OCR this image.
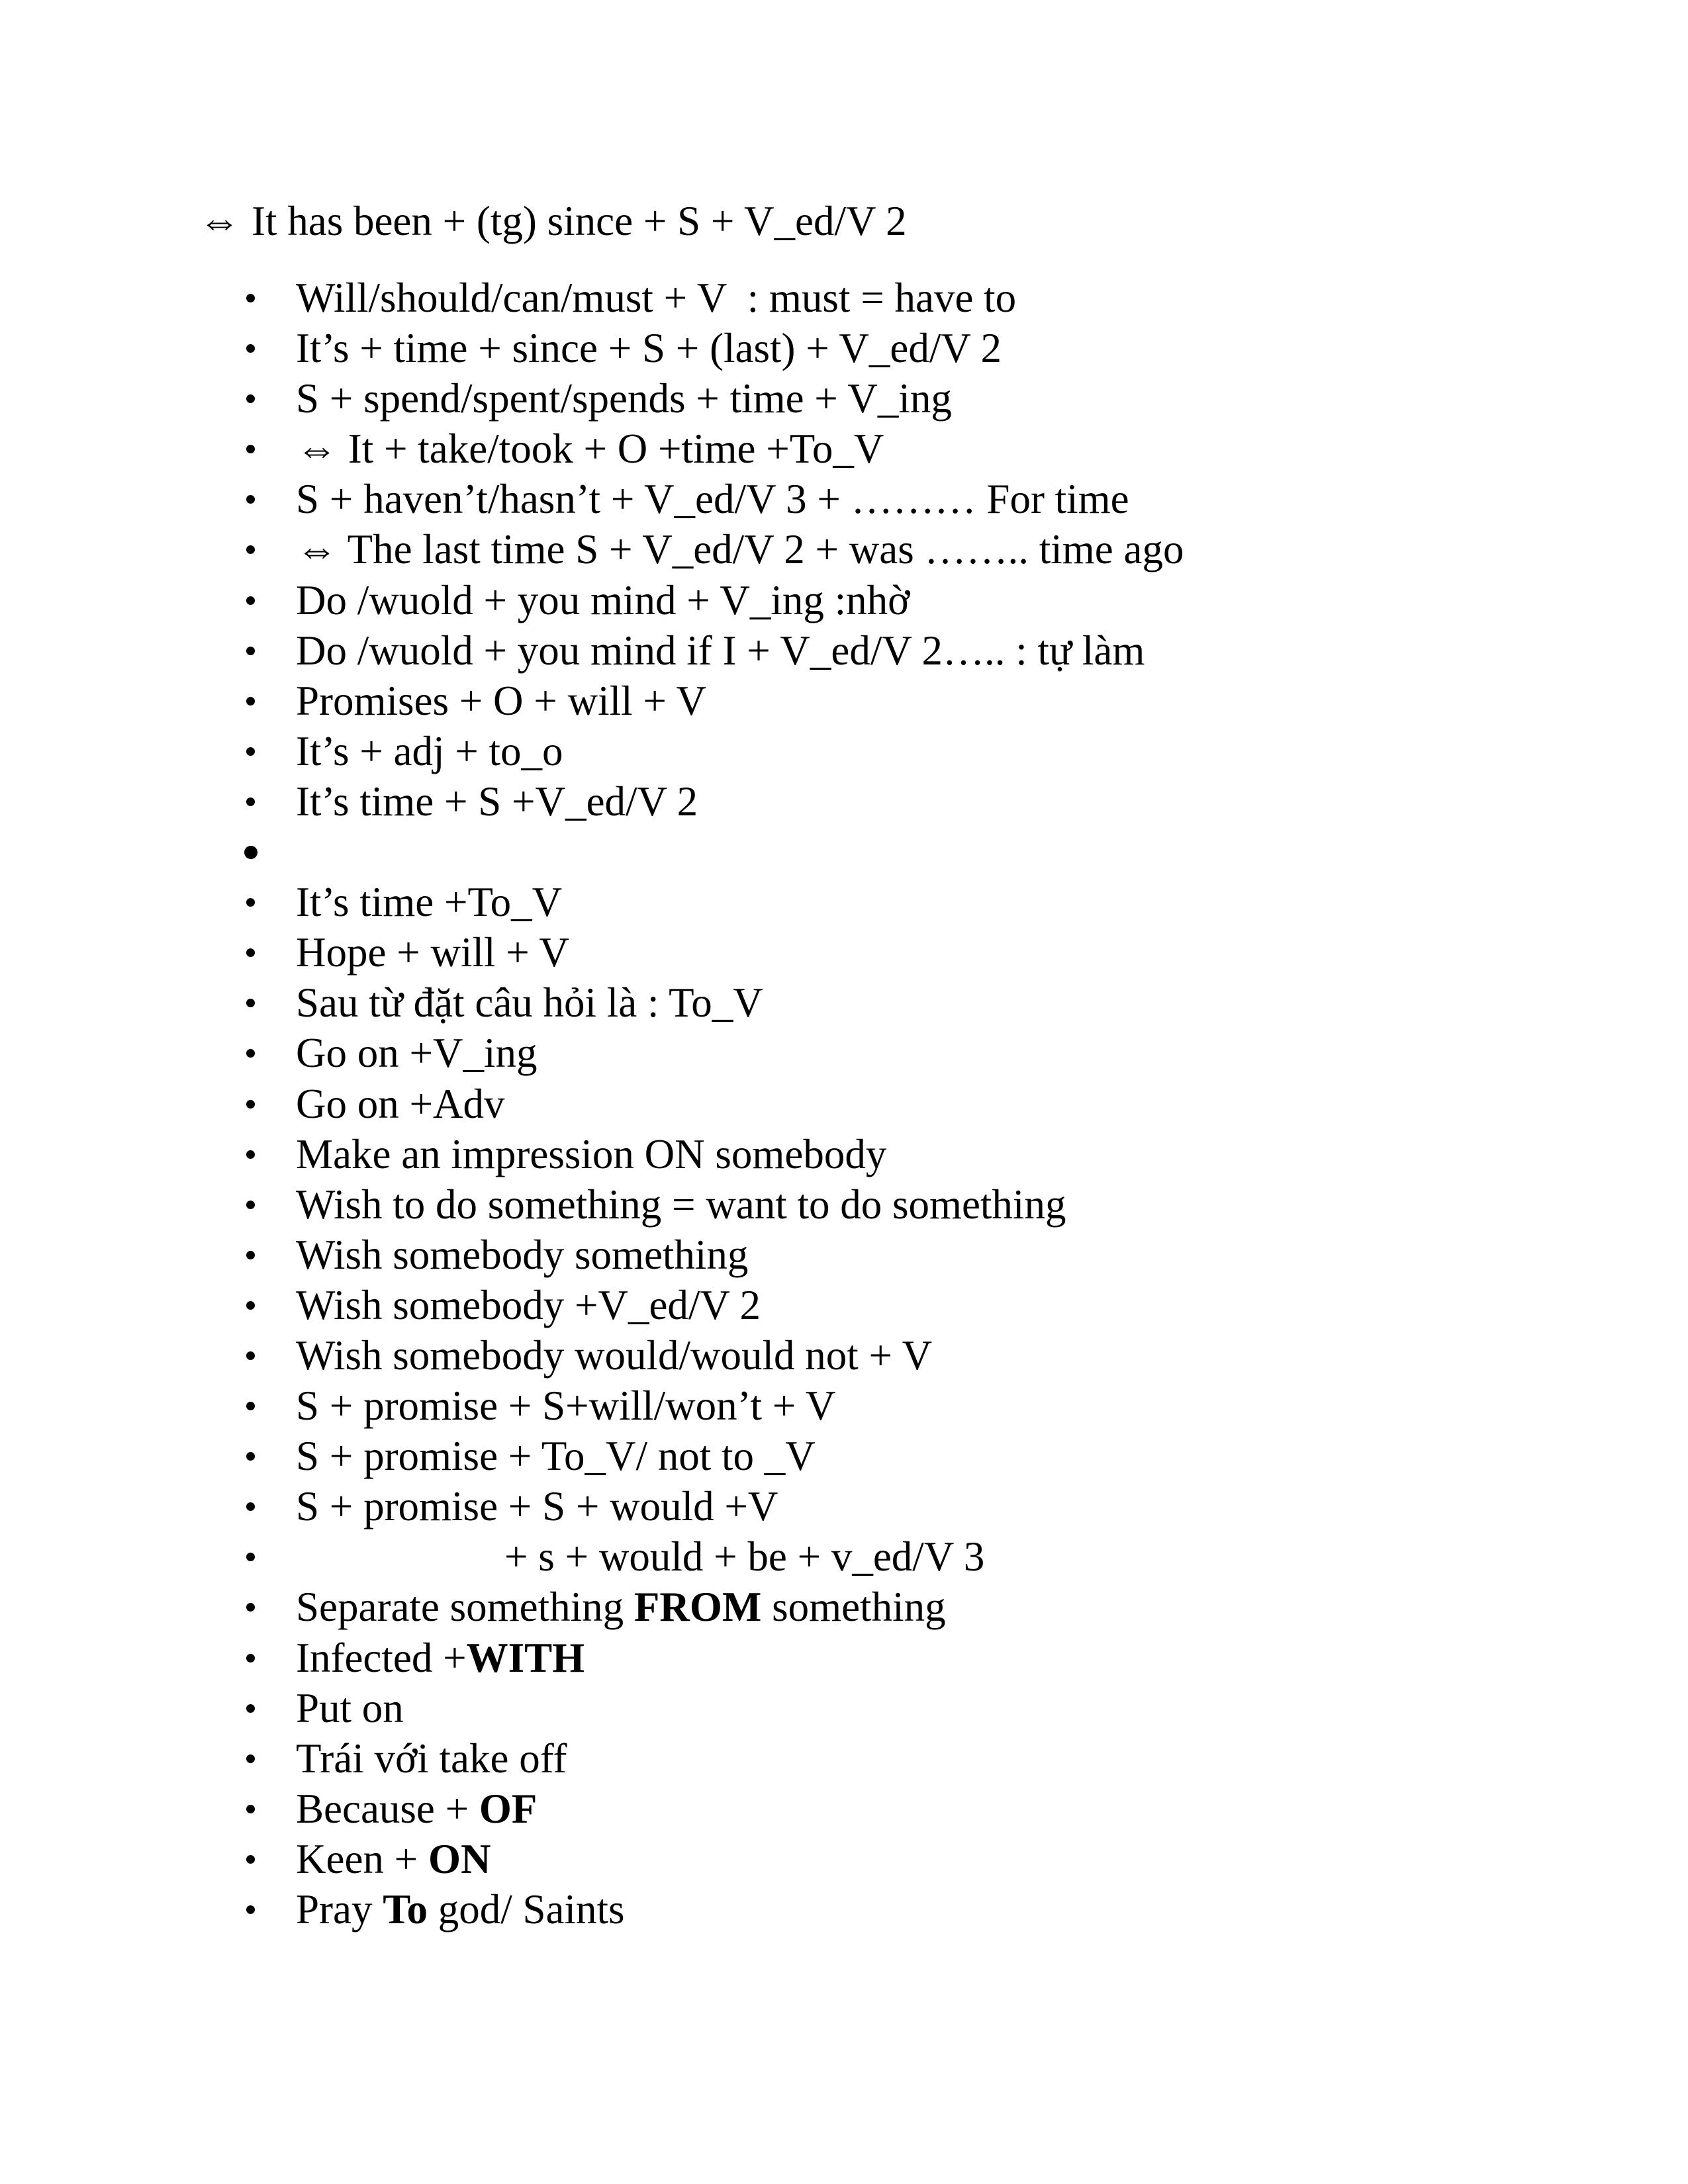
⇔ It has been + (tg) since + S + V_ed/V 2
Will/should/can/must + V  : must = have to
It’s + time + since + S + (last) + V_ed/V 2
S + spend/spent/spends + time + V_ing
⇔ It + take/took + O +time +To_V
S + haven’t/hasn’t + V_ed/V 3 + ……… For time
⇔ The last time S + V_ed/V 2 + was …….. time ago
Do /wuold + you mind + V_ing :nhờ
Do /wuold + you mind if I + V_ed/V 2….. : tự làm
Promises + O + will + V
It’s + adj + to_o
It’s time + S +V_ed/V 2
It’s time +To_V
Hope + will + V
Sau từ đặt câu hỏi là : To_V
Go on +V_ing
Go on +Adv
Make an impression ON somebody
Wish to do something = want to do something
Wish somebody something
Wish somebody +V_ed/V 2
Wish somebody would/would not + V
S + promise + S+will/won’t + V
S + promise + To_V/ not to _V
S + promise + S + would +V
+ s + would + be + v_ed/V 3
Separate something FROM something
Infected +WITH
Put on
Trái với take off
Because + OF
Keen + ON
Pray To god/ Saints
